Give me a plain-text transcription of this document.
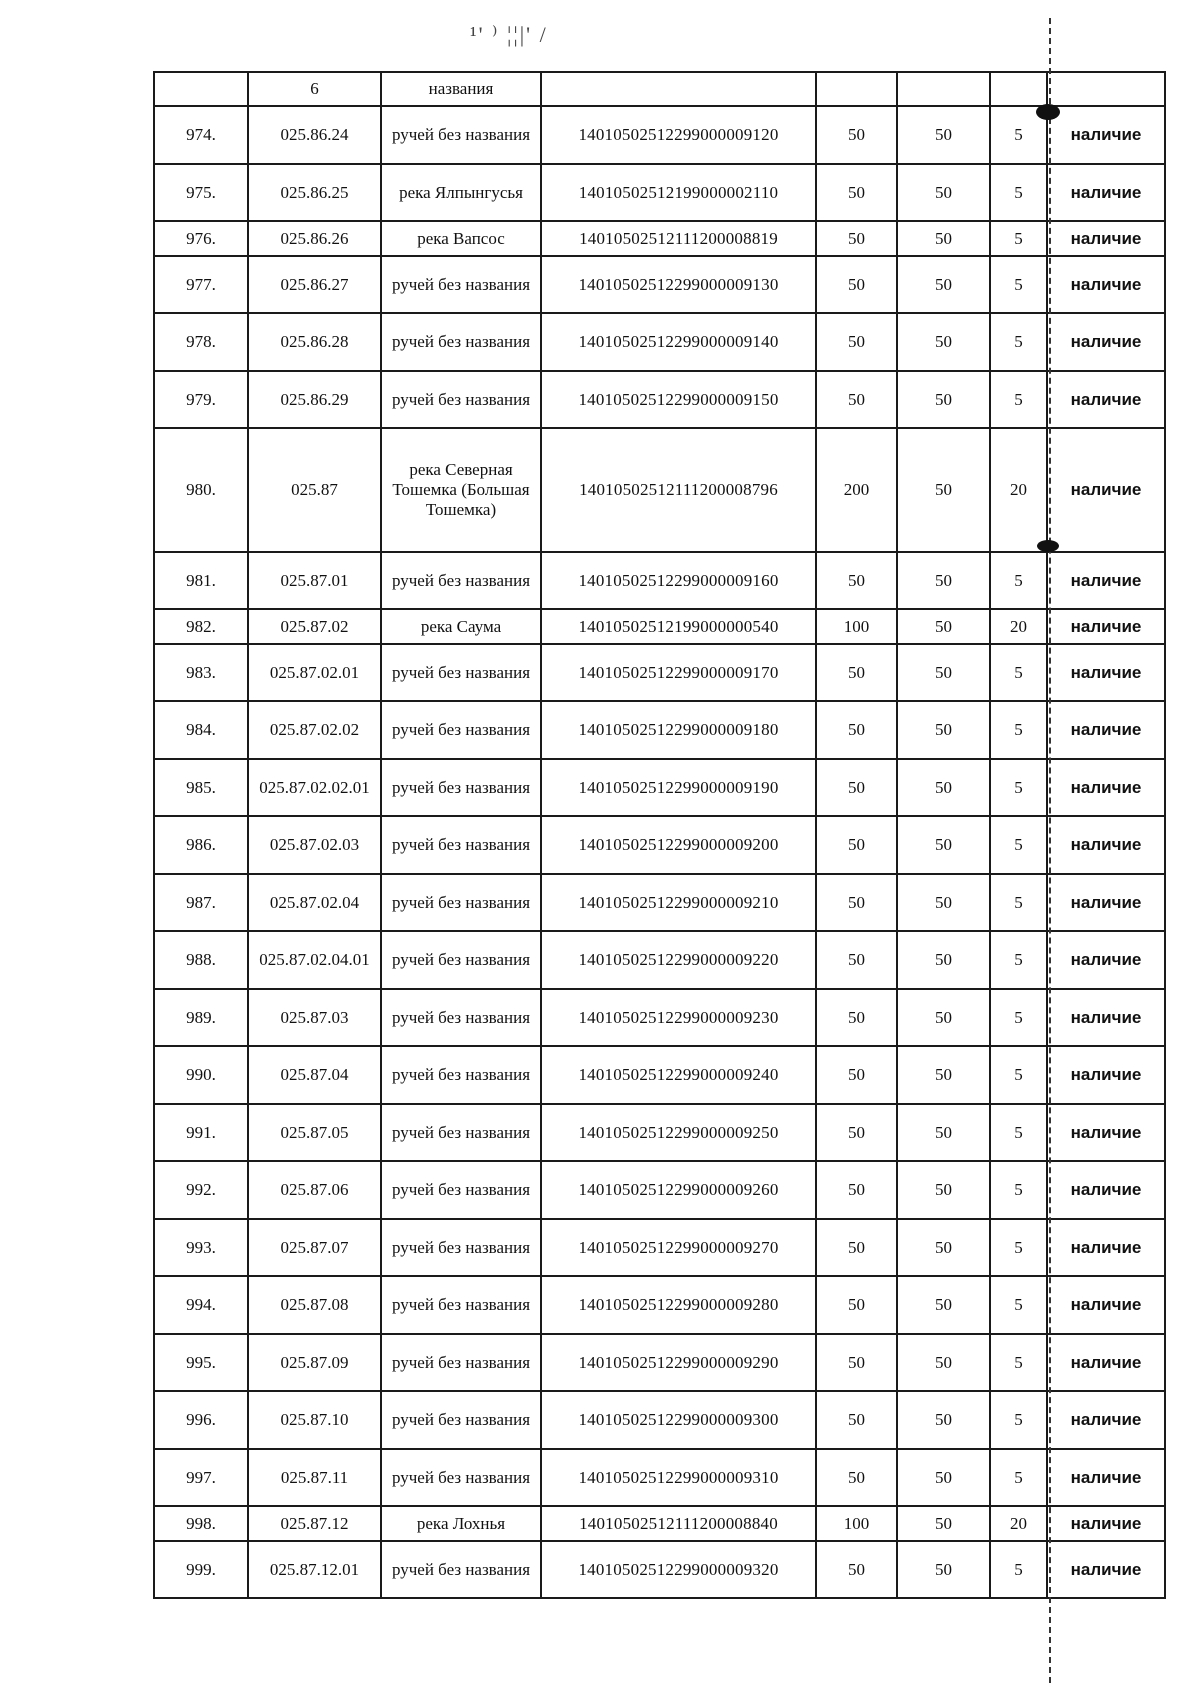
¹' ⁾ ¦¦|' /
	6	названия					
974.	025.86.24	ручей без названия	14010502512299000009120	50	50	5	наличие
975.	025.86.25	река Ялпынгусья	14010502512199000002110	50	50	5	наличие
976.	025.86.26	река Вапсос	14010502512111200008819	50	50	5	наличие
977.	025.86.27	ручей без названия	14010502512299000009130	50	50	5	наличие
978.	025.86.28	ручей без названия	14010502512299000009140	50	50	5	наличие
979.	025.86.29	ручей без названия	14010502512299000009150	50	50	5	наличие
980.	025.87	река Северная Тошемка (Большая Тошемка)	14010502512111200008796	200	50	20	наличие
981.	025.87.01	ручей без названия	14010502512299000009160	50	50	5	наличие
982.	025.87.02	река Саума	14010502512199000000540	100	50	20	наличие
983.	025.87.02.01	ручей без названия	14010502512299000009170	50	50	5	наличие
984.	025.87.02.02	ручей без названия	14010502512299000009180	50	50	5	наличие
985.	025.87.02.02.01	ручей без названия	14010502512299000009190	50	50	5	наличие
986.	025.87.02.03	ручей без названия	14010502512299000009200	50	50	5	наличие
987.	025.87.02.04	ручей без названия	14010502512299000009210	50	50	5	наличие
988.	025.87.02.04.01	ручей без названия	14010502512299000009220	50	50	5	наличие
989.	025.87.03	ручей без названия	14010502512299000009230	50	50	5	наличие
990.	025.87.04	ручей без названия	14010502512299000009240	50	50	5	наличие
991.	025.87.05	ручей без названия	14010502512299000009250	50	50	5	наличие
992.	025.87.06	ручей без названия	14010502512299000009260	50	50	5	наличие
993.	025.87.07	ручей без названия	14010502512299000009270	50	50	5	наличие
994.	025.87.08	ручей без названия	14010502512299000009280	50	50	5	наличие
995.	025.87.09	ручей без названия	14010502512299000009290	50	50	5	наличие
996.	025.87.10	ручей без названия	14010502512299000009300	50	50	5	наличие
997.	025.87.11	ручей без названия	14010502512299000009310	50	50	5	наличие
998.	025.87.12	река Лохнья	14010502512111200008840	100	50	20	наличие
999.	025.87.12.01	ручей без названия	14010502512299000009320	50	50	5	наличие
